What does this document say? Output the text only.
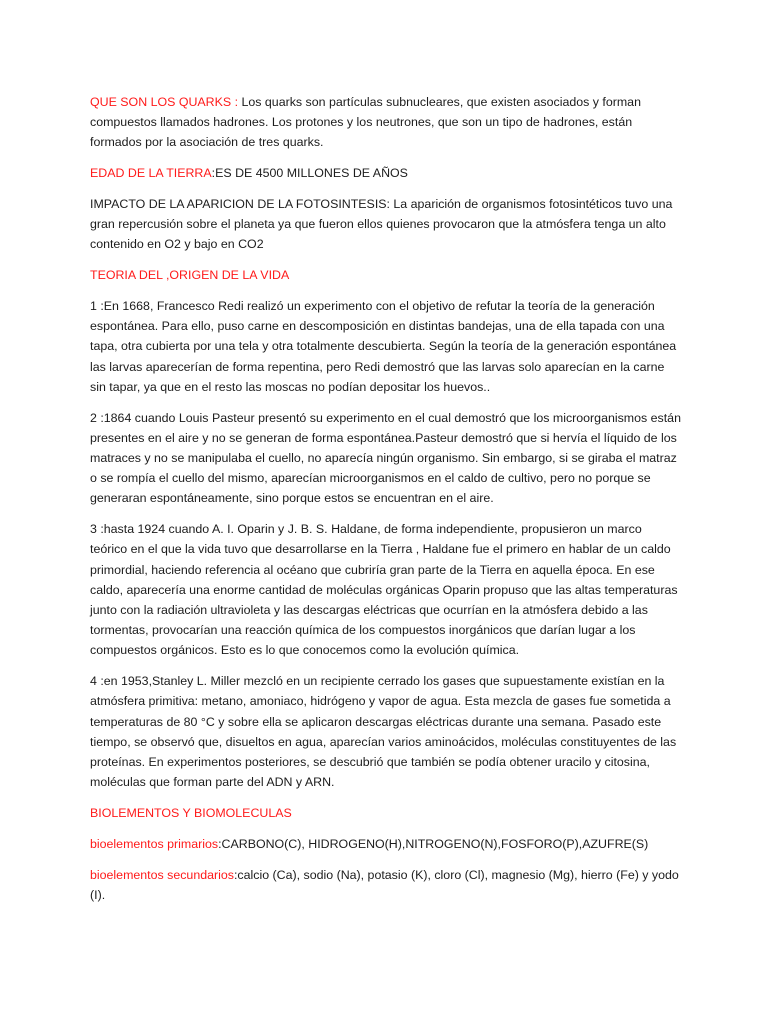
QUE SON LOS QUARKS : Los quarks son partículas subnucleares, que existen asociados y forman compuestos llamados hadrones. Los protones y los neutrones, que son un tipo de hadrones, están formados por la asociación de tres quarks.

EDAD DE LA TIERRA:ES DE 4500 MILLONES DE AÑOS

IMPACTO DE LA APARICION DE LA FOTOSINTESIS: La aparición de organismos fotosintéticos tuvo una gran repercusión sobre el planeta ya que fueron ellos quienes provocaron que la atmósfera tenga un alto contenido en O2 y bajo en CO2

TEORIA DEL ,ORIGEN DE LA VIDA

1 :En 1668, Francesco Redi realizó un experimento con el objetivo de refutar la teoría de la generación espontánea. Para ello, puso carne en descomposición en distintas bandejas, una de ella tapada con una tapa, otra cubierta por una tela y otra totalmente descubierta. Según la teoría de la generación espontánea las larvas aparecerían de forma repentina, pero Redi demostró que las larvas solo aparecían en la carne sin tapar, ya que en el resto las moscas no podían depositar los huevos..

2 :1864 cuando Louis Pasteur presentó su experimento en el cual demostró que los microorganismos están presentes en el aire y no se generan de forma espontánea.Pasteur demostró que si hervía el líquido de los matraces y no se manipulaba el cuello, no aparecía ningún organismo. Sin embargo, si se giraba el matraz o se rompía el cuello del mismo, aparecían microorganismos en el caldo de cultivo, pero no porque se generaran espontáneamente, sino porque estos se encuentran en el aire.

3 :hasta 1924 cuando A. I. Oparin y J. B. S. Haldane, de forma independiente, propusieron un marco teórico en el que la vida tuvo que desarrollarse en la Tierra , Haldane fue el primero en hablar de un caldo primordial, haciendo referencia al océano que cubriría gran parte de la Tierra en aquella época. En ese caldo, aparecería una enorme cantidad de moléculas orgánicas Oparin propuso que las altas temperaturas junto con la radiación ultravioleta y las descargas eléctricas que ocurrían en la atmósfera debido a las tormentas, provocarían una reacción química de los compuestos inorgánicos que darían lugar a los compuestos orgánicos. Esto es lo que conocemos como la evolución química.

4 :en 1953,Stanley L. Miller mezcló en un recipiente cerrado los gases que supuestamente existían en la atmósfera primitiva: metano, amoniaco, hidrógeno y vapor de agua. Esta mezcla de gases fue sometida a temperaturas de 80 °C y sobre ella se aplicaron descargas eléctricas durante una semana. Pasado este tiempo, se observó que, disueltos en agua, aparecían varios aminoácidos, moléculas constituyentes de las proteínas. En experimentos posteriores, se descubrió que también se podía obtener uracilo y citosina, moléculas que forman parte del ADN y ARN.

BIOLEMENTOS Y BIOMOLECULAS

bioelementos primarios:CARBONO(C), HIDROGENO(H),NITROGENO(N),FOSFORO(P),AZUFRE(S)

bioelementos secundarios:calcio (Ca), sodio (Na), potasio (K), cloro (Cl), magnesio (Mg), hierro (Fe) y yodo (I).
